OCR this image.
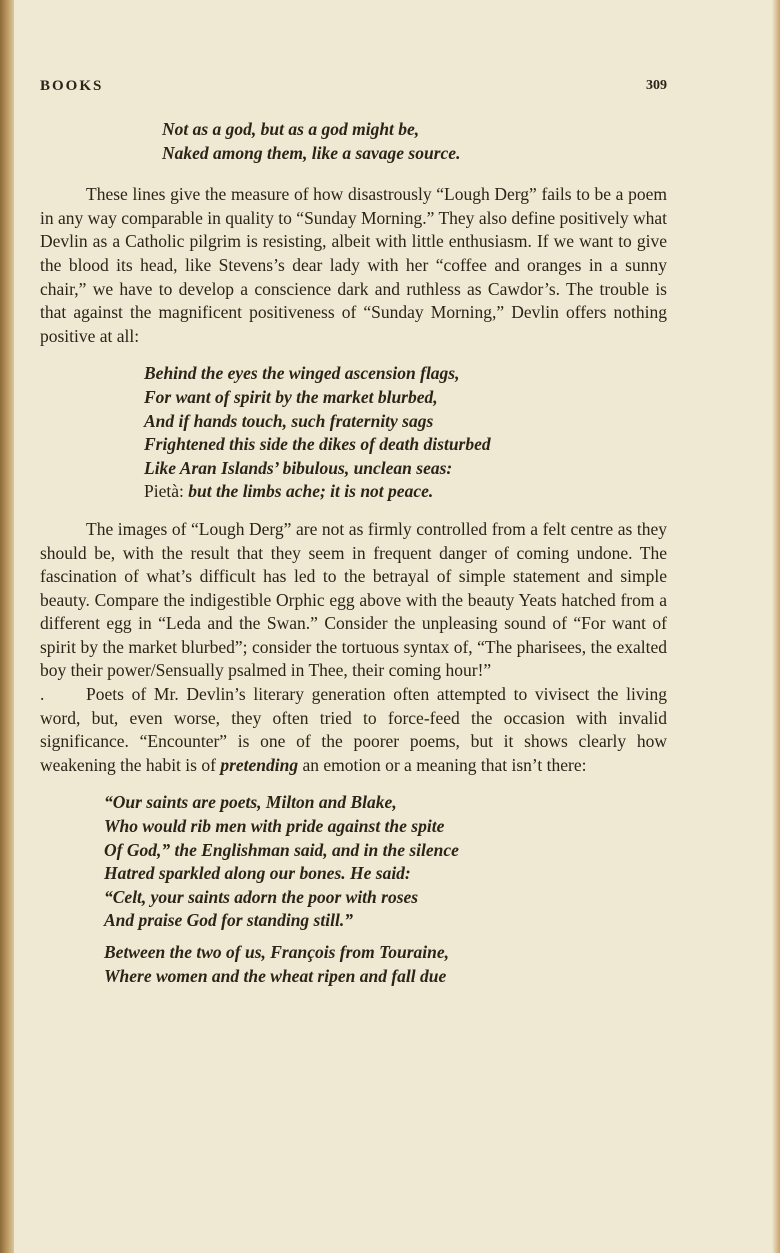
BOOKS	309
Not as a god, but as a god might be,
Naked among them, like a savage source.

These lines give the measure of how disastrously “Lough Derg” fails to be a poem in any way comparable in quality to “Sunday Morning.” They also define positively what Devlin as a Catholic pilgrim is resisting, albeit with little enthusiasm. If we want to give the blood its head, like Stevens’s dear lady with her “coffee and oranges in a sunny chair,” we have to develop a conscience dark and ruthless as Cawdor’s. The trouble is that against the magnificent positiveness of “Sunday Morning,” Devlin offers nothing positive at all:

Behind the eyes the winged ascension flags,
For want of spirit by the market blurbed,
And if hands touch, such fraternity sags
Frightened this side the dikes of death disturbed
Like Aran Islands’ bibulous, unclean seas:
Pietà: but the limbs ache; it is not peace.

The images of “Lough Derg” are not as firmly controlled from a felt centre as they should be, with the result that they seem in frequent danger of coming undone. The fascination of what’s difficult has led to the betrayal of simple statement and simple beauty. Compare the indigestible Orphic egg above with the beauty Yeats hatched from a different egg in “Leda and the Swan.” Consider the unpleasing sound of “For want of spirit by the market blurbed”; consider the tortuous syntax of, “The pharisees, the exalted boy their power/Sensually psalmed in Thee, their coming hour!”

. Poets of Mr. Devlin’s literary generation often attempted to vivisect the living word, but, even worse, they often tried to force-feed the occasion with invalid significance. “Encounter” is one of the poorer poems, but it shows clearly how weakening the habit is of pretending an emotion or a meaning that isn’t there:

“Our saints are poets, Milton and Blake,
Who would rib men with pride against the spite
Of God,” the Englishman said, and in the silence
Hatred sparkled along our bones. He said:
“Celt, your saints adorn the poor with roses
And praise God for standing still.”
Between the two of us, François from Touraine,
Where women and the wheat ripen and fall due
